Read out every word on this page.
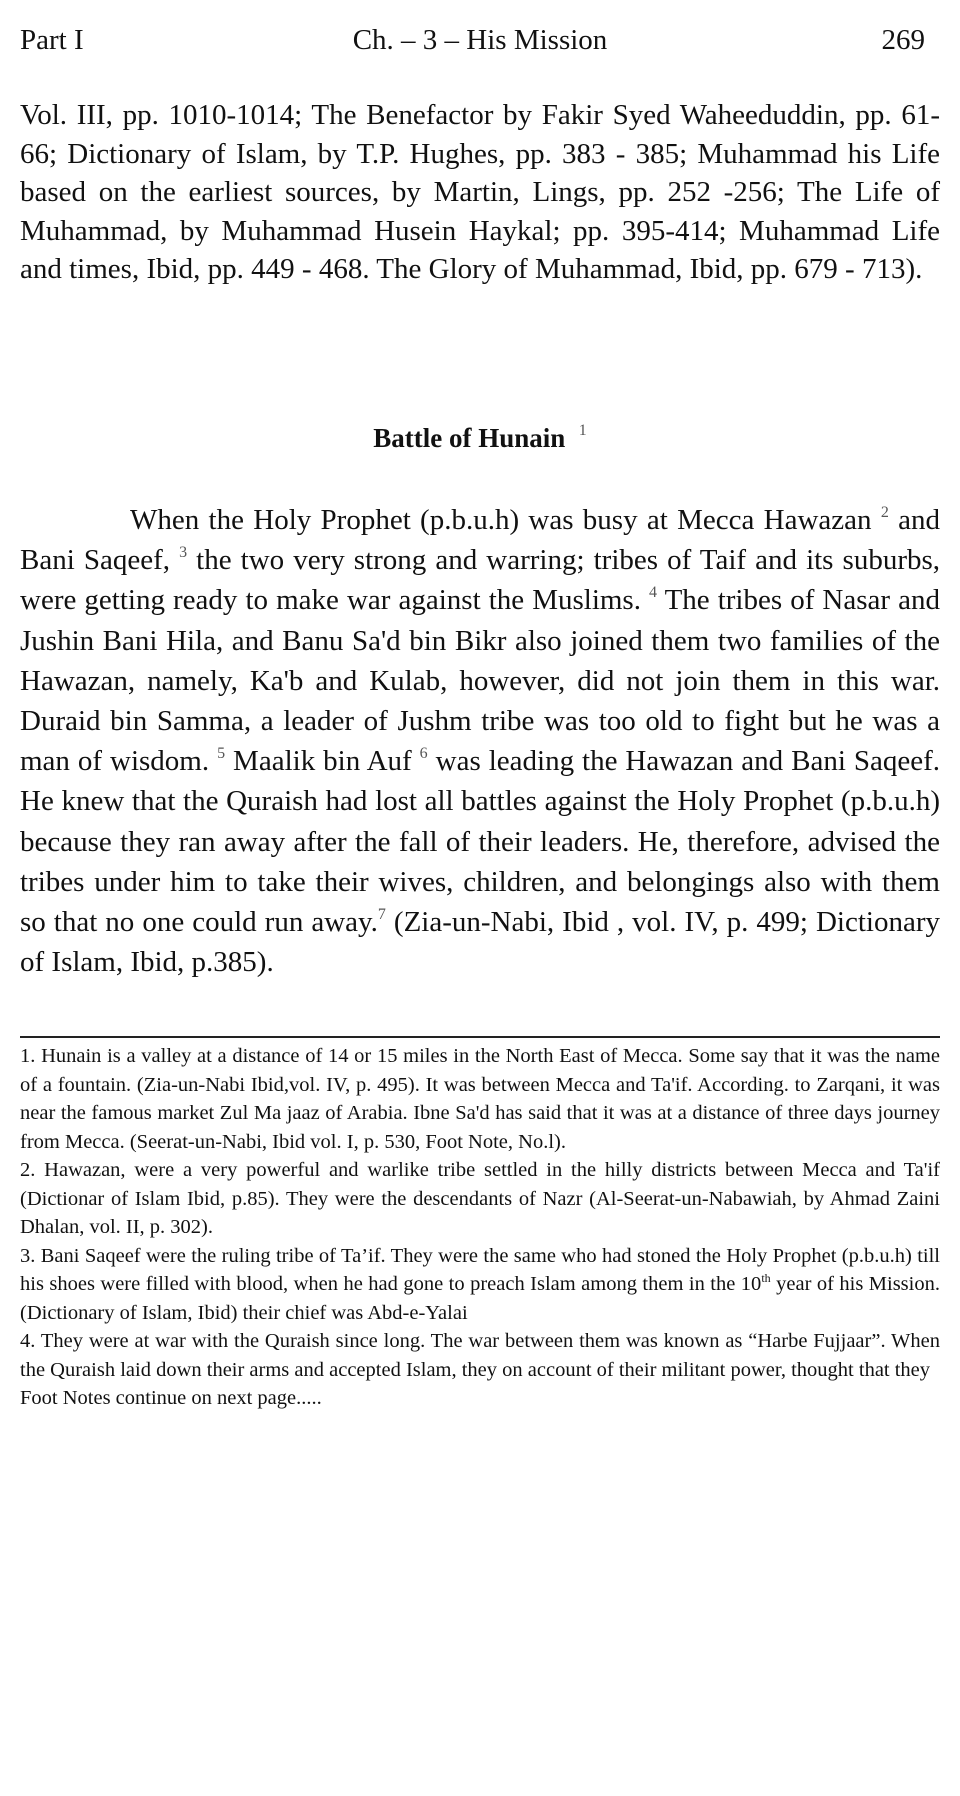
Part I	Ch. – 3 – His Mission	269

Vol. III, pp. 1010-1014; The Benefactor by Fakir Syed Waheeduddin, pp. 61-66; Dictionary of Islam, by T.P. Hughes, pp. 383 - 385; Muhammad his Life based on the earliest sources, by Martin, Lings, pp. 252 -256; The Life of Muhammad, by Muhammad Husein Haykal; pp. 395-414; Muhammad Life and times, Ibid, pp. 449 - 468. The Glory of Muhammad, Ibid, pp. 679 - 713).

Battle of Hunain $^1$

When the Holy Prophet (p.b.u.h) was busy at Mecca Hawazan $^2$ and Bani Saqeef, $^3$ the two very strong and warring; tribes of Taif and its suburbs, were getting ready to make war against the Muslims. $^4$ The tribes of Nasar and Jushin Bani Hila, and Banu Sa'd bin Bikr also joined them two families of the Hawazan, namely, Ka'b and Kulab, however, did not join them in this war. Duraid bin Samma, a leader of Jushm tribe was too old to fight but he was a man of wisdom. $^5$ Maalik bin Auf $^6$ was leading the Hawazan and Bani Saqeef. He knew that the Quraish had lost all battles against the Holy Prophet (p.b.u.h) because they ran away after the fall of their leaders. He, therefore, advised the tribes under him to take their wives, children, and belongings also with them so that no one could run away.$^7$ (Zia-un-Nabi, Ibid , vol. IV, p. 499; Dictionary of Islam, Ibid, p.385).

1. Hunain is a valley at a distance of 14 or 15 miles in the North East of Mecca. Some say that it was the name of a fountain. (Zia-un-Nabi Ibid,vol. IV, p. 495). It was between Mecca and Ta'if. According. to Zarqani, it was near the famous market Zul Ma jaaz of Arabia. Ibne Sa'd has said that it was at a distance of three days journey from Mecca. (Seerat-un-Nabi, Ibid vol. I, p. 530, Foot Note, No.l).

2. Hawazan, were a very powerful and warlike tribe settled in the hilly districts between Mecca and Ta'if (Dictionar of Islam Ibid, p.85). They were the descendants of Nazr (Al-Seerat-un-Nabawiah, by Ahmad Zaini Dhalan, vol. II, p. 302).

3. Bani Saqeef were the ruling tribe of Ta’if. They were the same who had stoned the Holy Prophet (p.b.u.h) till his shoes were filled with blood, when he had gone to preach Islam among them in the 10th year of his Mission. (Dictionary of Islam, Ibid) their chief was Abd-e-Yalai

4. They were at war with the Quraish since long. The war between them was known as “Harbe Fujjaar”. When the Quraish laid down their arms and accepted Islam, they on account of their militant power, thought that they

Foot Notes continue on next page.....
